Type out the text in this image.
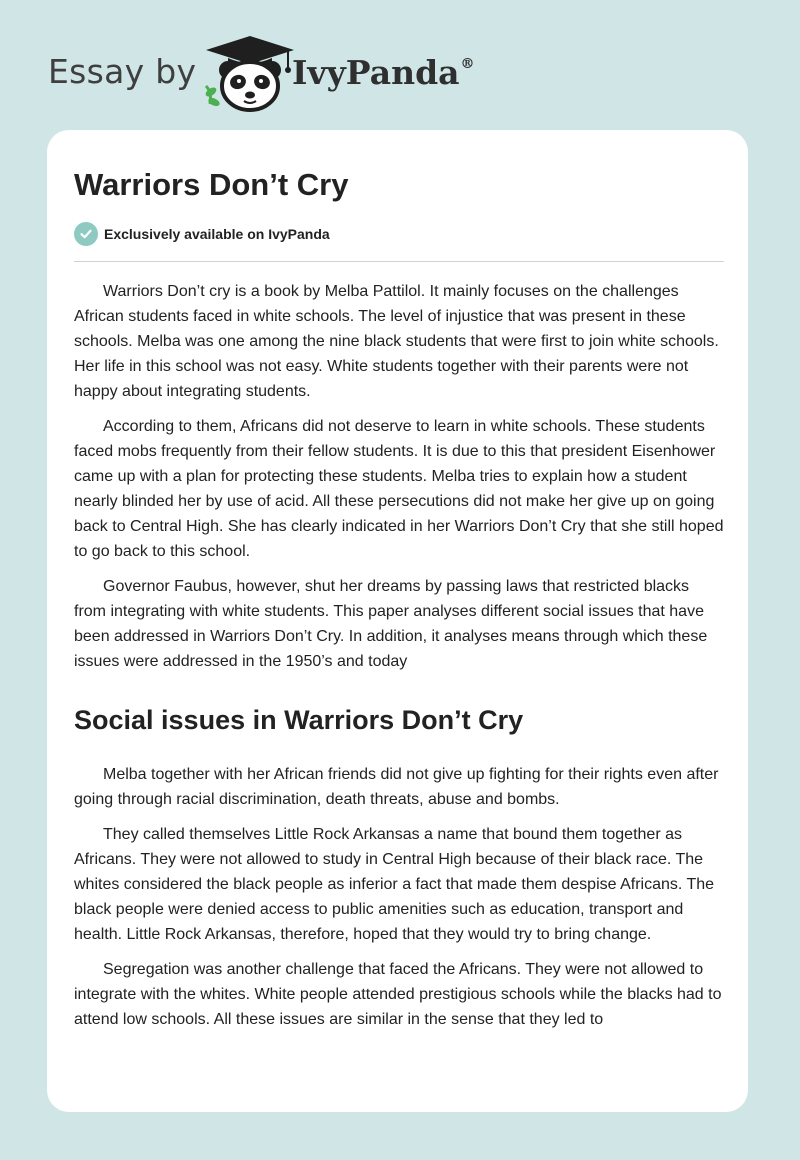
Essay by	IvyPanda®
Warriors Don’t Cry
Exclusively available on IvyPanda

Warriors Don’t cry is a book by Melba Pattilol. It mainly focuses on the challenges African students faced in white schools. The level of injustice that was present in these schools. Melba was one among the nine black students that were first to join white schools. Her life in this school was not easy. White students together with their parents were not happy about integrating students.

According to them, Africans did not deserve to learn in white schools. These students faced mobs frequently from their fellow students. It is due to this that president Eisenhower came up with a plan for protecting these students. Melba tries to explain how a student nearly blinded her by use of acid. All these persecutions did not make her give up on going back to Central High. She has clearly indicated in her Warriors Don’t Cry that she still hoped to go back to this school.

Governor Faubus, however, shut her dreams by passing laws that restricted blacks from integrating with white students. This paper analyses different social issues that have been addressed in Warriors Don’t Cry. In addition, it analyses means through which these issues were addressed in the 1950’s and today

Social issues in Warriors Don’t Cry

Melba together with her African friends did not give up fighting for their rights even after going through racial discrimination, death threats, abuse and bombs.

They called themselves Little Rock Arkansas a name that bound them together as Africans. They were not allowed to study in Central High because of their black race. The whites considered the black people as inferior a fact that made them despise Africans. The black people were denied access to public amenities such as education, transport and health. Little Rock Arkansas, therefore, hoped that they would try to bring change.

Segregation was another challenge that faced the Africans. They were not allowed to integrate with the whites. White people attended prestigious schools while the blacks had to attend low schools. All these issues are similar in the sense that they led to
